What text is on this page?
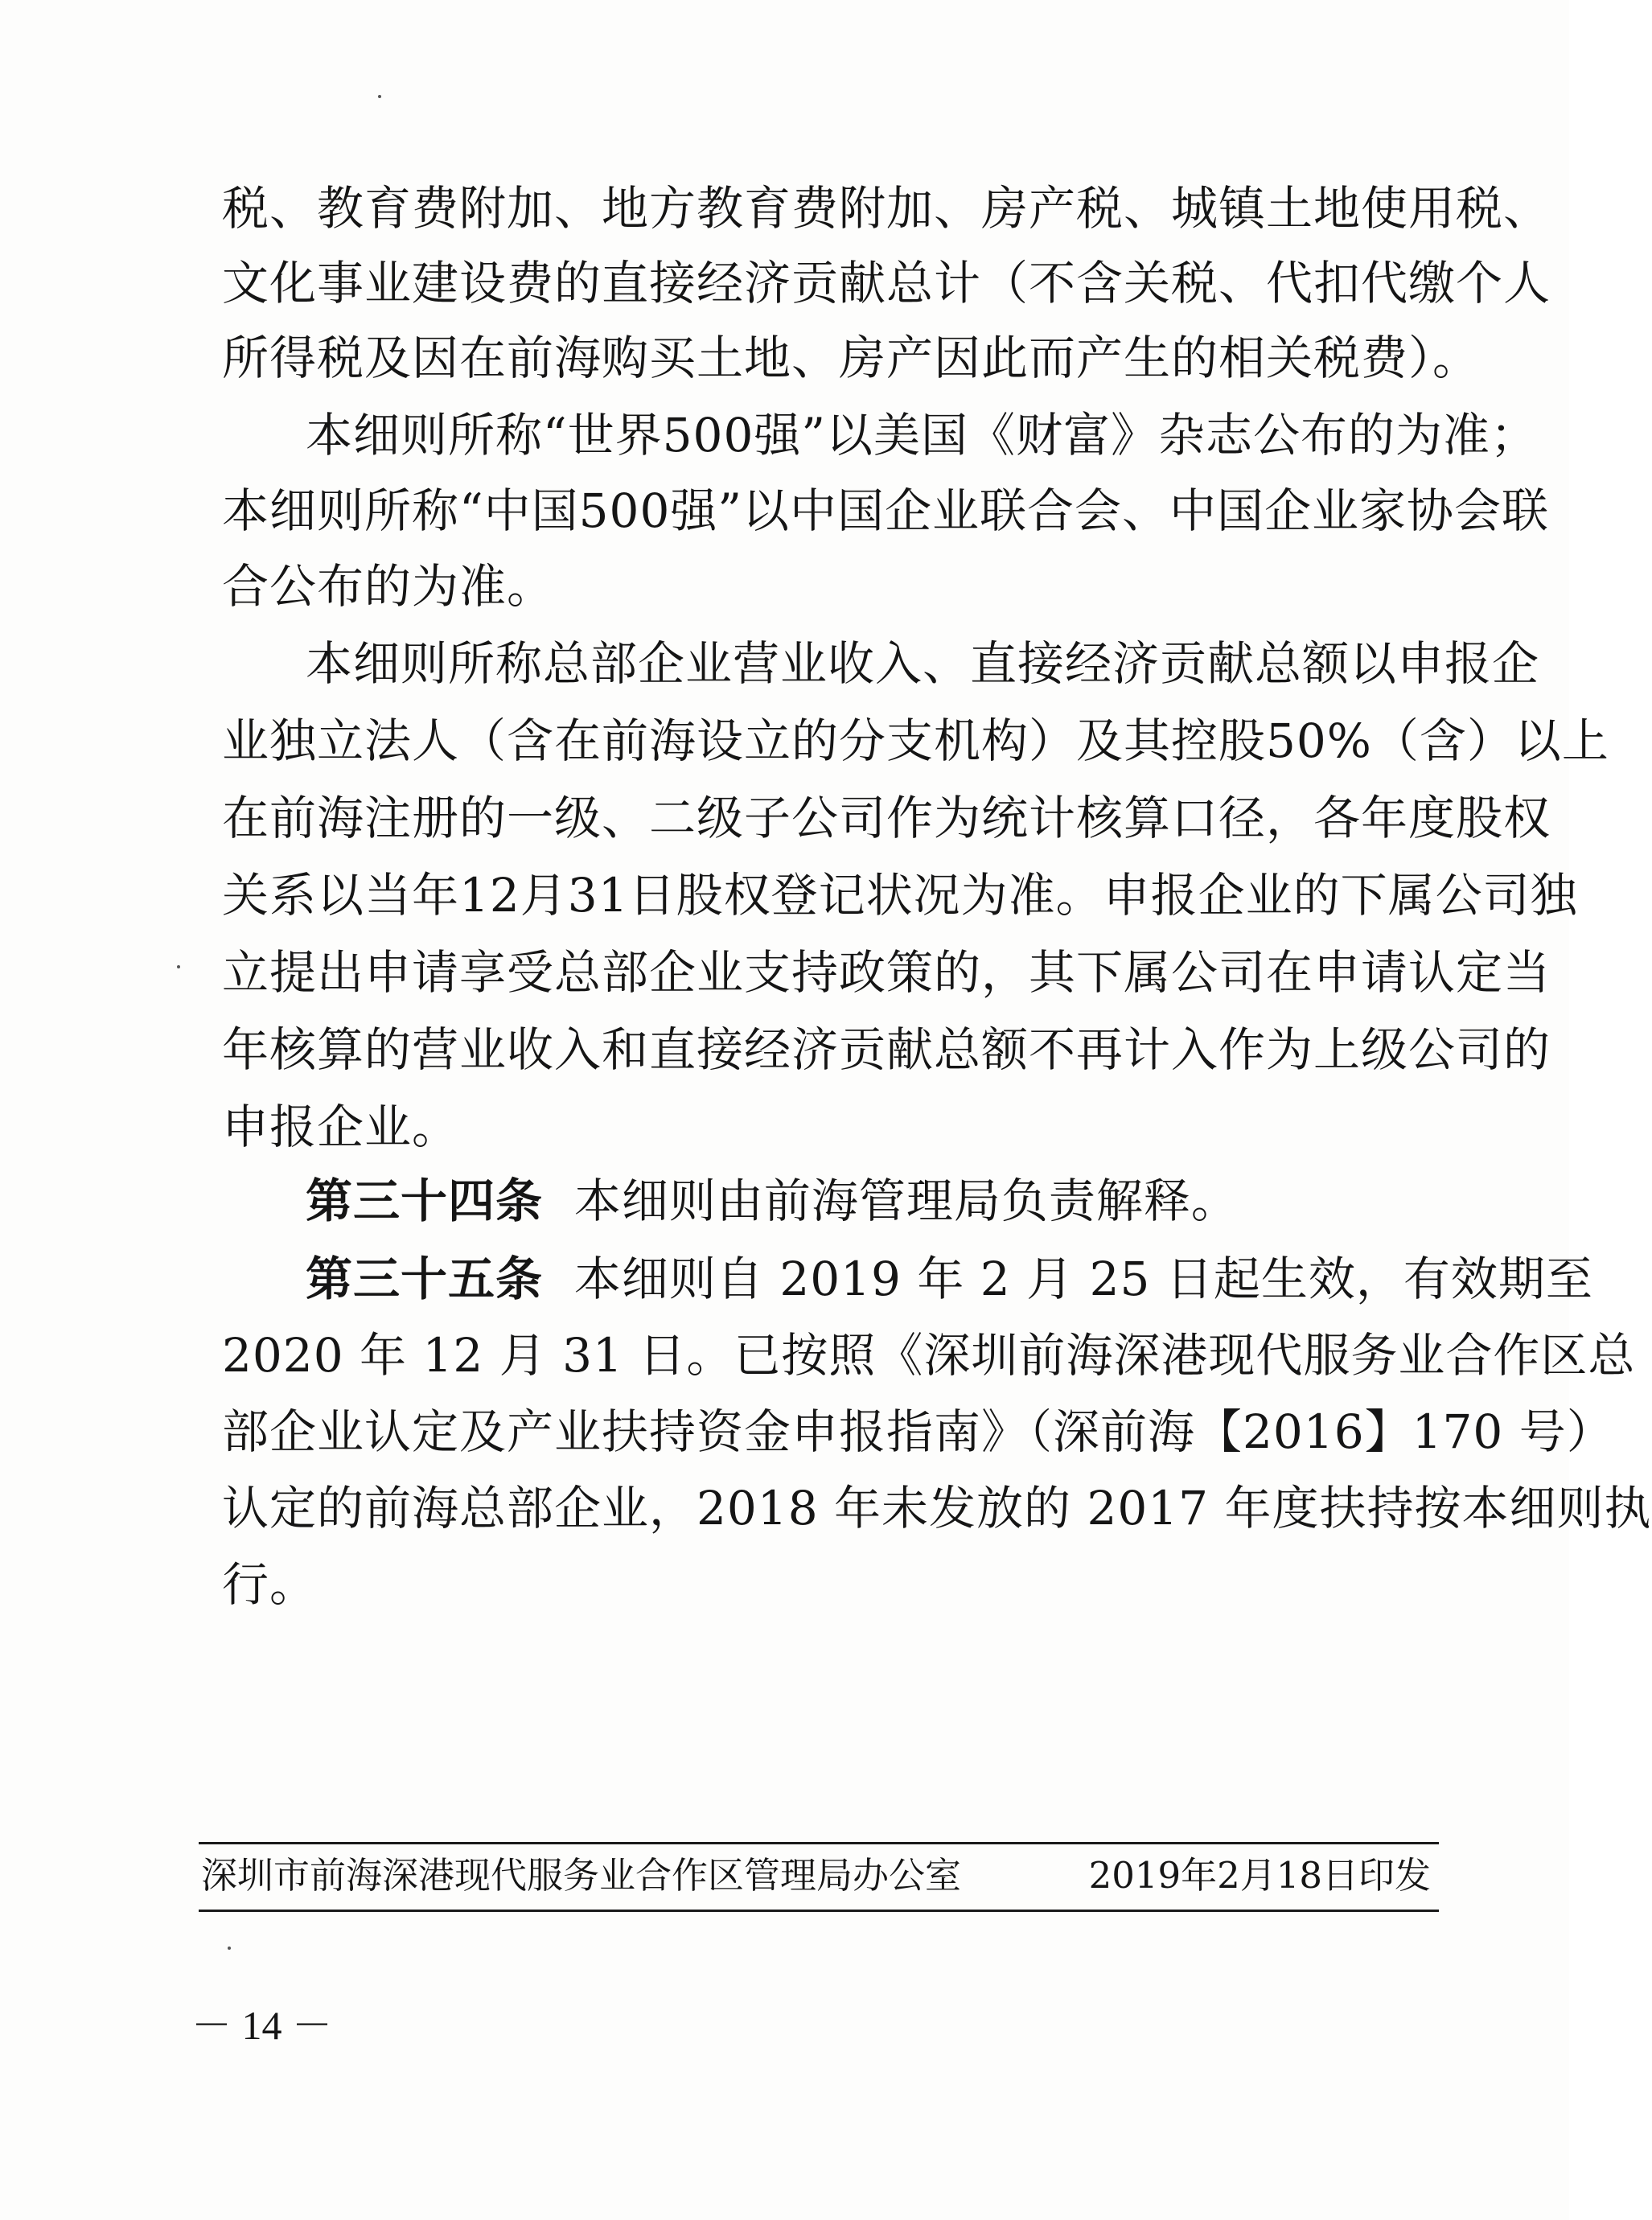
税、教育费附加、地方教育费附加、房产税、城镇土地使用税、
文化事业建设费的直接经济贡献总计（不含关税、代扣代缴个人
所得税及因在前海购买土地、房产因此而产生的相关税费）。
本细则所称“世界500强”以美国《财富》杂志公布的为准；
本细则所称“中国500强”以中国企业联合会、中国企业家协会联
合公布的为准。
本细则所称总部企业营业收入、直接经济贡献总额以申报企
业独立法人（含在前海设立的分支机构）及其控股50%（含）以上
在前海注册的一级、二级子公司作为统计核算口径，各年度股权
关系以当年12月31日股权登记状况为准。申报企业的下属公司独
立提出申请享受总部企业支持政策的，其下属公司在申请认定当
年核算的营业收入和直接经济贡献总额不再计入作为上级公司的
申报企业。
第三十四条 本细则由前海管理局负责解释。
第三十五条 本细则自 2019 年 2 月 25 日起生效，有效期至
2020 年 12 月 31 日。已按照《深圳前海深港现代服务业合作区总
部企业认定及产业扶持资金申报指南》（深前海【2016】170 号）
认定的前海总部企业，2018 年未发放的 2017 年度扶持按本细则执
行。
深圳市前海深港现代服务业合作区管理局办公室	2019年2月18日印发
－ 14 －
